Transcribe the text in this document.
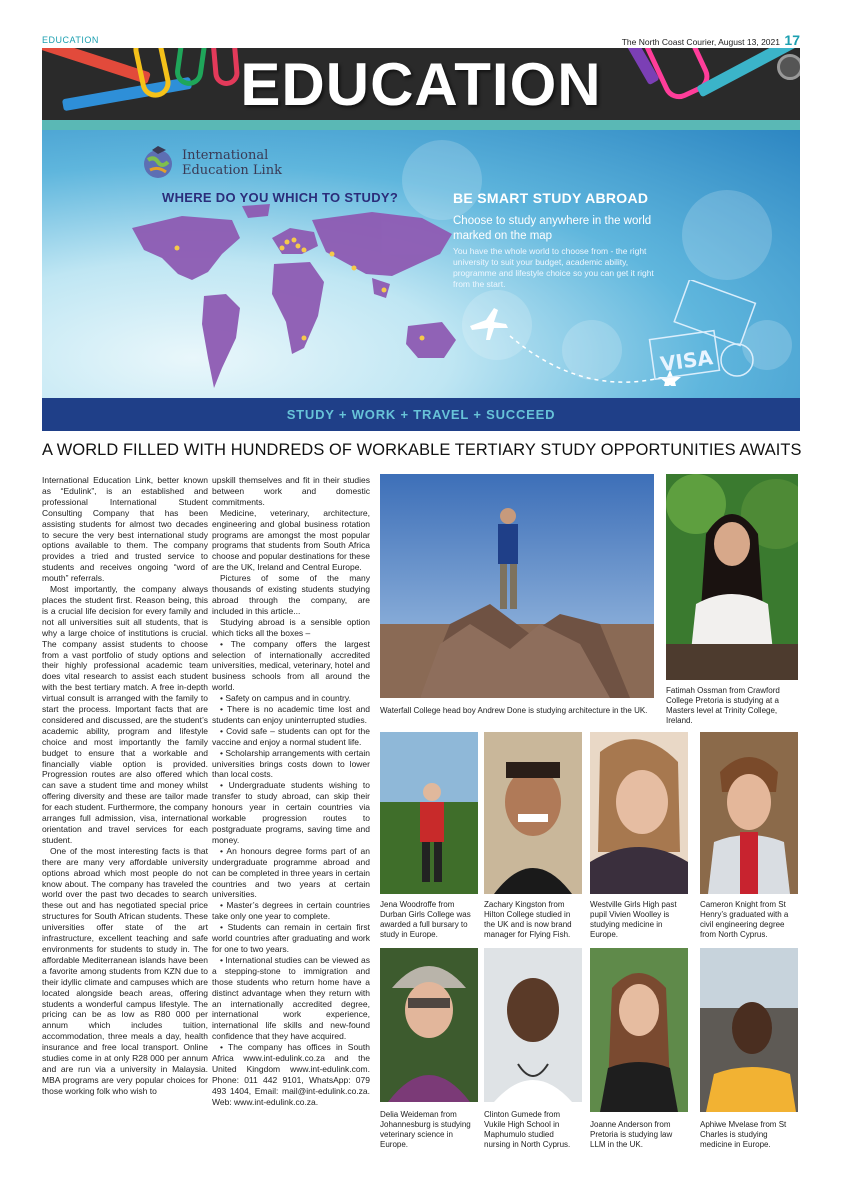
EDUCATION	The North Coast Courier, August 13, 2021 17
EDUCATION
International
Education Link
WHERE DO YOU WHICH TO STUDY?	BE SMART STUDY ABROAD
Choose to study anywhere in the world marked on the map
You have the whole world to choose from - the right university to suit your budget, academic ability, programme and lifestyle choice so you can get it right from the start.
VISA
STUDY + WORK + TRAVEL + SUCCEED
A WORLD FILLED WITH HUNDREDS OF WORKABLE TERTIARY STUDY OPPORTUNITIES AWAITS

International Education Link, better known as “Edulink”, is an established and professional International Student Consulting Company that has been assisting students for almost two decades to secure the very best international study options available to them. The company provides a tried and trusted service to students and receives ongoing “word of mouth” referrals.

Most importantly, the company always places the student first. Reason being, this is a crucial life decision for every family and not all universities suit all students, that is why a large choice of institutions is crucial. The company assist students to choose from a vast portfolio of study options and their highly professional academic team does vital research to assist each student with the best tertiary match. A free in-depth virtual consult is arranged with the family to start the process. Important facts that are considered and discussed, are the student’s academic ability, program and lifestyle choice and most importantly the family budget to ensure that a workable and financially viable option is provided. Progression routes are also offered which can save a student time and money whilst offering diversity and these are tailor made for each student. Furthermore, the company arranges full admission, visa, international orientation and travel services for each student.

One of the most interesting facts is that there are many very affordable university options abroad which most people do not know about. The company has traveled the world over the past two decades to search these out and has negotiated special price structures for South African students. These universities offer state of the art infrastructure, excellent teaching and safe environments for students to study in. The affordable Mediterranean islands have been a favorite among students from KZN due to their idyllic climate and campuses which are located alongside beach areas, offering students a wonderful campus lifestyle. The pricing can be as low as R80 000 per annum which includes tuition, accommodation, three meals a day, health insurance and free local transport. Online studies come in at only R28 000 per annum and are run via a university in Malaysia. MBA programs are very popular choices for those working folk who wish to

upskill themselves and fit in their studies between work and domestic commitments.

Medicine, veterinary, architecture, engineering and global business rotation programs are amongst the most popular programs that students from South Africa choose and popular destinations for these are the UK, Ireland and Central Europe.

Pictures of some of the many thousands of existing students studying abroad through the company, are included in this article...

Studying abroad is a sensible option which ticks all the boxes –

• The company offers the largest selection of internationally accredited universities, medical, veterinary, hotel and business schools from all around the world.

• Safety on campus and in country.

• There is no academic time lost and students can enjoy uninterrupted studies.

• Covid safe – students can opt for the vaccine and enjoy a normal student life.

• Scholarship arrangements with certain universities brings costs down to lower than local costs.

• Undergraduate students wishing to transfer to study abroad, can skip their honours year in certain countries via workable progression routes to postgraduate programs, saving time and money.

• An honours degree forms part of an undergraduate programme abroad and can be completed in three years in certain countries and two years at certain universities.

• Master’s degrees in certain countries take only one year to complete.

• Students can remain in certain first world countries after graduating and work for one to two years.

• International studies can be viewed as a stepping-stone to immigration and those students who return home have a distinct advantage when they return with an internationally accredited degree, international work experience, international life skills and new-found confidence that they have acquired.

• The company has offices in South Africa www.int-edulink.co.za and the United Kingdom www.int-edulink.com. Phone: 011 442 9101, WhatsApp: 079 493 1404, Email: mail@int-edulink.co.za. Web: www.int-edulink.co.za.

Waterfall College head boy Andrew Done is studying architecture in the UK.
Fatimah Ossman from Crawford College Pretoria is studying at a Masters level at Trinity College, Ireland.
Jena Woodroffe from Durban Girls College was awarded a full bursary to study in Europe.
Zachary Kingston from Hilton College studied in the UK and is now brand manager for Flying Fish.
Westville Girls High past pupil Vivien Woolley is studying medicine in Europe.
Cameron Knight from St Henry’s graduated with a civil engineering degree from North Cyprus.
Delia Weideman from Johannesburg is studying veterinary science in Europe.
Clinton Gumede from Vukile High School in Maphumulo studied nursing in North Cyprus.
Joanne Anderson from Pretoria is studying law LLM in the UK.
Aphiwe Mvelase from St Charles is studying medicine in Europe.
